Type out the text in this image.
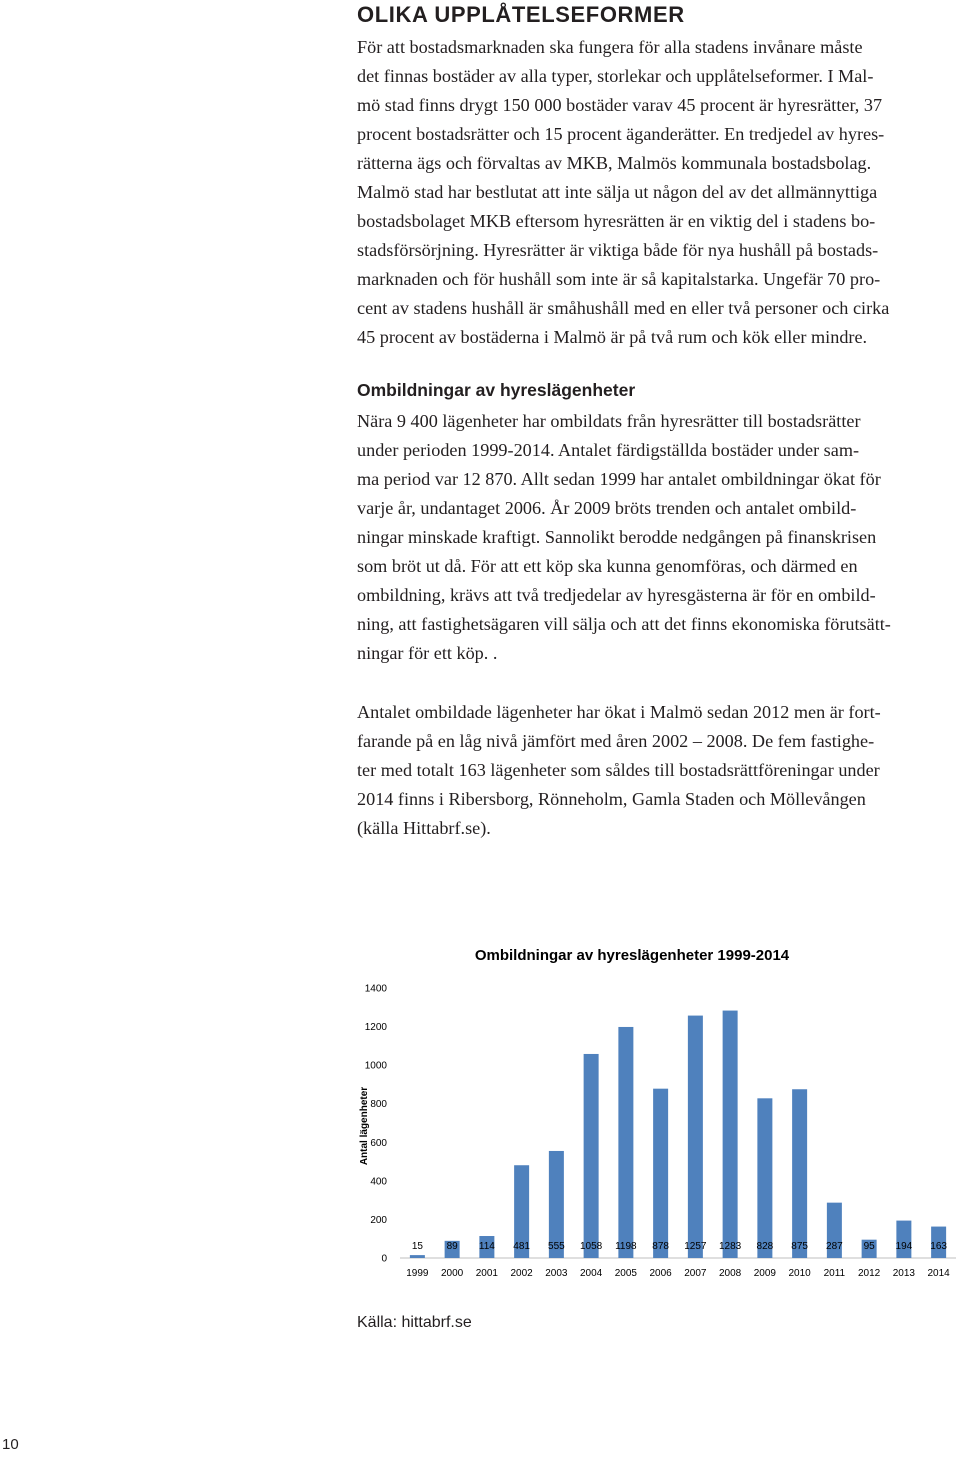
OLIKA UPPLÅTELSEFORMER

För att bostadsmarknaden ska fungera för alla stadens invånare måste
det finnas bostäder av alla typer, storlekar och upplåtelseformer. I Mal-
mö stad finns drygt 150 000 bostäder varav 45 procent är hyresrätter, 37
procent bostadsrätter och 15 procent äganderätter. En tredjedel av hyres-
rätterna ägs och förvaltas av MKB, Malmös kommunala bostadsbolag.
Malmö stad har bestlutat att inte sälja ut någon del av det allmännyttiga
bostadsbolaget MKB eftersom hyresrätten är en viktig del i stadens bo-
stadsförsörjning. Hyresrätter är viktiga både för nya hushåll på bostads-
marknaden och för hushåll som inte är så kapitalstarka. Ungefär 70 pro-
cent av stadens hushåll är småhushåll med en eller två personer och cirka
45 procent av bostäderna i Malmö är på två rum och kök eller mindre.

Ombildningar av hyreslägenheter

Nära 9 400 lägenheter har ombildats från hyresrätter till bostadsrätter
under perioden 1999-2014. Antalet färdigställda bostäder under sam-
ma period var 12 870. Allt sedan 1999 har antalet ombildningar ökat för
varje år, undantaget 2006. År 2009 bröts trenden och antalet ombild-
ningar minskade kraftigt. Sannolikt berodde nedgången på finanskrisen
som bröt ut då. För att ett köp ska kunna genomföras, och därmed en
ombildning, krävs att två tredjedelar av hyresgästerna är för en ombild-
ning, att fastighetsägaren vill sälja och att det finns ekonomiska förutsätt-
ningar för ett köp. .

Antalet ombildade lägenheter har ökat i Malmö sedan 2012 men är fort-
farande på en låg nivå jämfört med åren 2002 – 2008. De fem fastighe-
ter med totalt 163 lägenheter som såldes till bostadsrättföreningar under
2014 finns i Ribersborg, Rönneholm, Gamla Staden och Möllevången
(källa Hittabrf.se).

Ombildningar av hyreslägenheter 1999-2014
Antal lägenheter
0
200
400
600
800
1000
1200
1400
15 89 114 481 555 1058 1198 878 1257 1283 828 875 287 95 194 163
1999 2000 2001 2002 2003 2004 2005 2006 2007 2008 2009 2010 2011 2012 2013 2014

Källa: hittabrf.se

10
